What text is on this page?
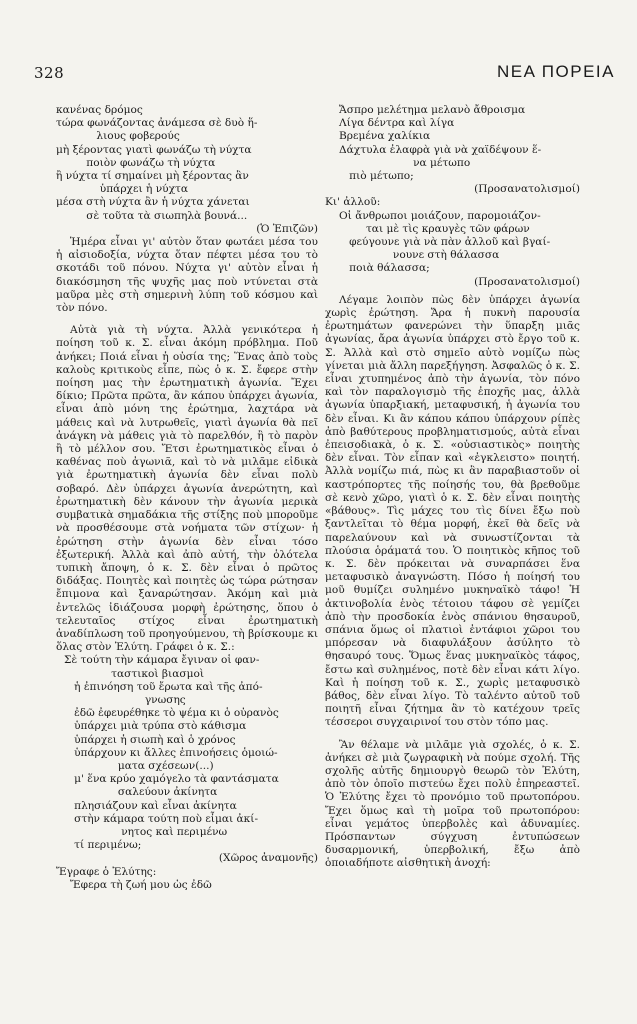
328	ΝΕΑ ΠΟΡΕΙΑ
κανένας δρόμος
τώρα φωνάζοντας ἀνάμεσα σὲ δυὸ ἥ-
λιους φοβερούς
μὴ ξέροντας γιατὶ φωνάζω τὴ νύχτα
ποιὸν φωνάζω τὴ νύχτα
ἢ νύχτα τί σημαίνει μὴ ξέροντας ἂν
ὑπάρχει ἡ νύχτα
μέσα στὴ νύχτα ἂν ἡ νύχτα χάνεται
σὲ τοῦτα τὰ σιωπηλὰ βουνά...
(Ὁ Ἐπιζῶν)

Ἡμέρα εἶναι γι' αὐτὸν ὅταν φωτάει μέσα του ἡ αἰσιοδοξία, νύχτα ὅταν πέφτει μέσα του τὸ σκοτάδι τοῦ πόνου. Νύχτα γι' αὐτὸν εἶναι ἡ διακόσμηση τῆς ψυχῆς μας ποὺ ντύνεται στὰ μαῦρα μὲς στὴ σημερινὴ λύπη τοῦ κόσμου καὶ τὸν πόνο.

Αὐτὰ γιὰ τὴ νύχτα. Ἀλλὰ γενικότερα ἡ ποίηση τοῦ κ. Σ. εἶναι ἀκόμη πρόβλημα. Ποῦ ἀνήκει; Ποιά εἶναι ἡ οὐσία της; Ἕνας ἀπὸ τοὺς καλοὺς κριτικοὺς εἶπε, πὼς ὁ κ. Σ. ἔφερε στὴν ποίηση μας τὴν ἐρωτηματικὴ ἀγωνία. Ἔχει δίκιο; Πρῶτα πρῶτα, ἂν κάπου ὑπάρχει ἀγωνία, εἶναι ἀπὸ μόνη της ἐρώτημα, λαχτάρα νὰ μάθεις καὶ νὰ λυτρωθεῖς, γιατὶ ἀγωνία θὰ πεῖ ἀνάγκη νὰ μάθεις γιὰ τὸ παρελθόν, ἢ τὸ παρὸν ἢ τὸ μέλλον σου. Ἔτσι ἐρωτηματικὸς εἶναι ὁ καθένας ποὺ ἀγωνιᾶ, καὶ τὸ νὰ μιλᾶμε εἰδικὰ γιὰ ἐρωτηματικὴ ἀγωνία δὲν εἶναι πολὺ σοβαρό. Δὲν ὑπάρχει ἀγωνία ἀνερώτητη, καὶ ἐρωτηματικὴ δὲν κάνουν τὴν ἀγωνία μερικὰ συμβατικὰ σημαδάκια τῆς στίξης ποὺ μποροῦμε νὰ προσθέσουμε στὰ νοήματα τῶν στίχων· ἡ ἐρώτηση στὴν ἀγωνία δὲν εἶναι τόσο ἐξωτερική. Ἀλλὰ καὶ ἀπὸ αὐτή, τὴν ὁλότελα τυπικὴ ἄποψη, ὁ κ. Σ. δὲν εἶναι ὁ πρῶτος διδάξας. Ποιητὲς καὶ ποιητὲς ὡς τώρα ρώτησαν ἔπιμονα καὶ ξαναρώτησαν. Ἀκόμη καὶ μιὰ ἐντελῶς ἰδιάζουσα μορφὴ ἐρώτησης, ὅπου ὁ τελευταῖος στίχος εἶναι ἐρωτηματικὴ ἀναδίπλωση τοῦ προηγούμενου, τὴ βρίσκουμε κι ὅλας στὸν Ἐλύτη. Γράφει ὁ κ. Σ.:

Σὲ τούτη τὴν κάμαρα ἔγιναν οἱ φαν-
ταστικοὶ βιασμοὶ
ἡ ἐπινόηση τοῦ ἔρωτα καὶ τῆς ἀπό-
γνωσης
ἐδῶ ἐφευρέθηκε τὸ ψέμα κι ὁ οὐρανὸς
ὑπάρχει μιὰ τρύπα στὸ κάθισμα
ὑπάρχει ἡ σιωπὴ καὶ ὁ χρόνος
ὑπάρχουν κι ἄλλες ἐπινοήσεις ὁμοιώ-
ματα σχέσεων(...)
μ' ἕνα κρύο χαμόγελο τὰ φαντάσματα
σαλεύουν ἀκίνητα
πλησιάζουν καὶ εἶναι ἀκίνητα
στὴν κάμαρα τούτη ποὺ εἶμαι ἀκί-
νητος καὶ περιμένω
τί περιμένω;
(Χῶρος ἀναμονῆς)
Ἔγραφε ὁ Ἐλύτης:
Ἔφερα τὴ ζωή μου ὡς ἐδῶ
Ἄσπρο μελέτημα μελανὸ ἄθροισμα
Λίγα δέντρα καὶ λίγα
Βρεμένα χαλίκια
Δάχτυλα ἐλαφρὰ γιὰ νὰ χαϊδέψουν ἕ-
να μέτωπο
πιὸ μέτωπο;
(Προσανατολισμοί)
Κι' ἀλλοῦ:
Οἱ ἄνθρωποι μοιάζουν, παρομοιάζον-
ται μὲ τὶς κραυγὲς τῶν φάρων
φεύγουνε γιὰ νὰ πὰν ἀλλοῦ καὶ βγαί-
νουνε στὴ θάλασσα
ποιὰ θάλασσα;
(Προσανατολισμοί)

Λέγαμε λοιπὸν πὼς δὲν ὑπάρχει ἀγωνία χωρὶς ἐρώτηση. Ἄρα ἡ πυκνὴ παρουσία ἐρωτημάτων φανερώνει τὴν ὕπαρξη μιᾶς ἀγωνίας, ἄρα ἀγωνία ὑπάρχει στὸ ἔργο τοῦ κ. Σ. Ἀλλὰ καὶ στὸ σημεῖο αὐτὸ νομίζω πὼς γίνεται μιὰ ἄλλη παρεξήγηση. Ἀσφαλῶς ὁ κ. Σ. εἶναι χτυπημένος ἀπὸ τὴν ἀγωνία, τὸν πόνο καὶ τὸν παραλογισμὸ τῆς ἐποχῆς μας, ἀλλὰ ἀγωνία ὑπαρξιακή, μεταφυσική, ἡ ἀγωνία του δὲν εἶναι. Κι ἂν κάπου κάπου ὑπάρχουν ρίπὲς ἀπὸ βαθύτερους προβληματισμούς, αὐτὰ εἶναι ἐπεισοδιακὰ, ὁ κ. Σ. «οὐσιαστικὸς» ποιητὴς δὲν εἶναι. Τὸν εἶπαν καὶ «ἐγκλειστο» ποιητή. Ἀλλὰ νομίζω πιά, πὼς κι ἂν παραβιαστοῦν οἱ καστρόπορτες τῆς ποίησής του, θὰ βρεθοῦμε σὲ κενὸ χῶρο, γιατὶ ὁ κ. Σ. δὲν εἶναι ποιητὴς «βάθους». Τὶς μάχες του τὶς δίνει ἔξω ποὺ ξαντλεῖται τὸ θέμα μορφή, ἐκεῖ θὰ δεῖς νὰ παρελαύνουν καὶ νὰ συνωστίζονται τὰ πλούσια ὁράματά του. Ὁ ποιητικὸς κῆπος τοῦ κ. Σ. δὲν πρόκειται νὰ συναρπάσει ἕνα μεταφυσικὸ ἀναγνώστη. Πόσο ἡ ποίησή του μοῦ θυμίζει συλημένο μυκηναϊκὸ τάφο! Ἡ ἀκτινοβολία ἑνὸς τέτοιου τάφου σὲ γεμίζει ἀπὸ τὴν προσδοκία ἑνὸς σπάνιου θησαυροῦ, σπάνια ὅμως οἱ πλατιοὶ ἐντάφιοι χῶροι του μπόρεσαν νὰ διαφυλάξουν ἀσύλητο τὸ θησαυρό τους. Ὅμως ἕνας μυκηναϊκὸς τάφος, ἔστω καὶ συλημένος, ποτὲ δὲν εἶναι κάτι λίγο. Καὶ ἡ ποίηση τοῦ κ. Σ., χωρὶς μεταφυσικὸ βάθος, δὲν εἶναι λίγο. Τὸ ταλέντο αὐτοῦ τοῦ ποιητῆ εἶναι ζήτημα ἂν τὸ κατέχουν τρεῖς τέσσεροι συγχαιρινοί του στὸν τόπο μας.

Ἂν θέλαμε νὰ μιλᾶμε γιὰ σχολές, ὁ κ. Σ. ἀνήκει σὲ μιὰ ζωγραφικὴ νὰ πούμε σχολή. Τῆς σχολῆς αὐτῆς δημιουργὸ θεωρῶ τὸν Ἐλύτη, ἀπὸ τὸν ὁποῖο πιστεύω ἔχει πολὺ ἐπηρεαστεῖ. Ὁ Ἐλύτης ἔχει τὸ προνόμιο τοῦ πρωτοπόρου. Ἔχει ὅμως καὶ τὴ μοῖρα τοῦ πρωτοπόρου: εἶναι γεμάτος ὑπερβολὲς καὶ ἀδυναμίες. Πρόσπαντων σύγχυση ἐντυπώσεων δυσαρμονική, ὑπερβολική, ἔξω ἀπὸ ὁποιαδήποτε αἰσθητικὴ ἀνοχή:
